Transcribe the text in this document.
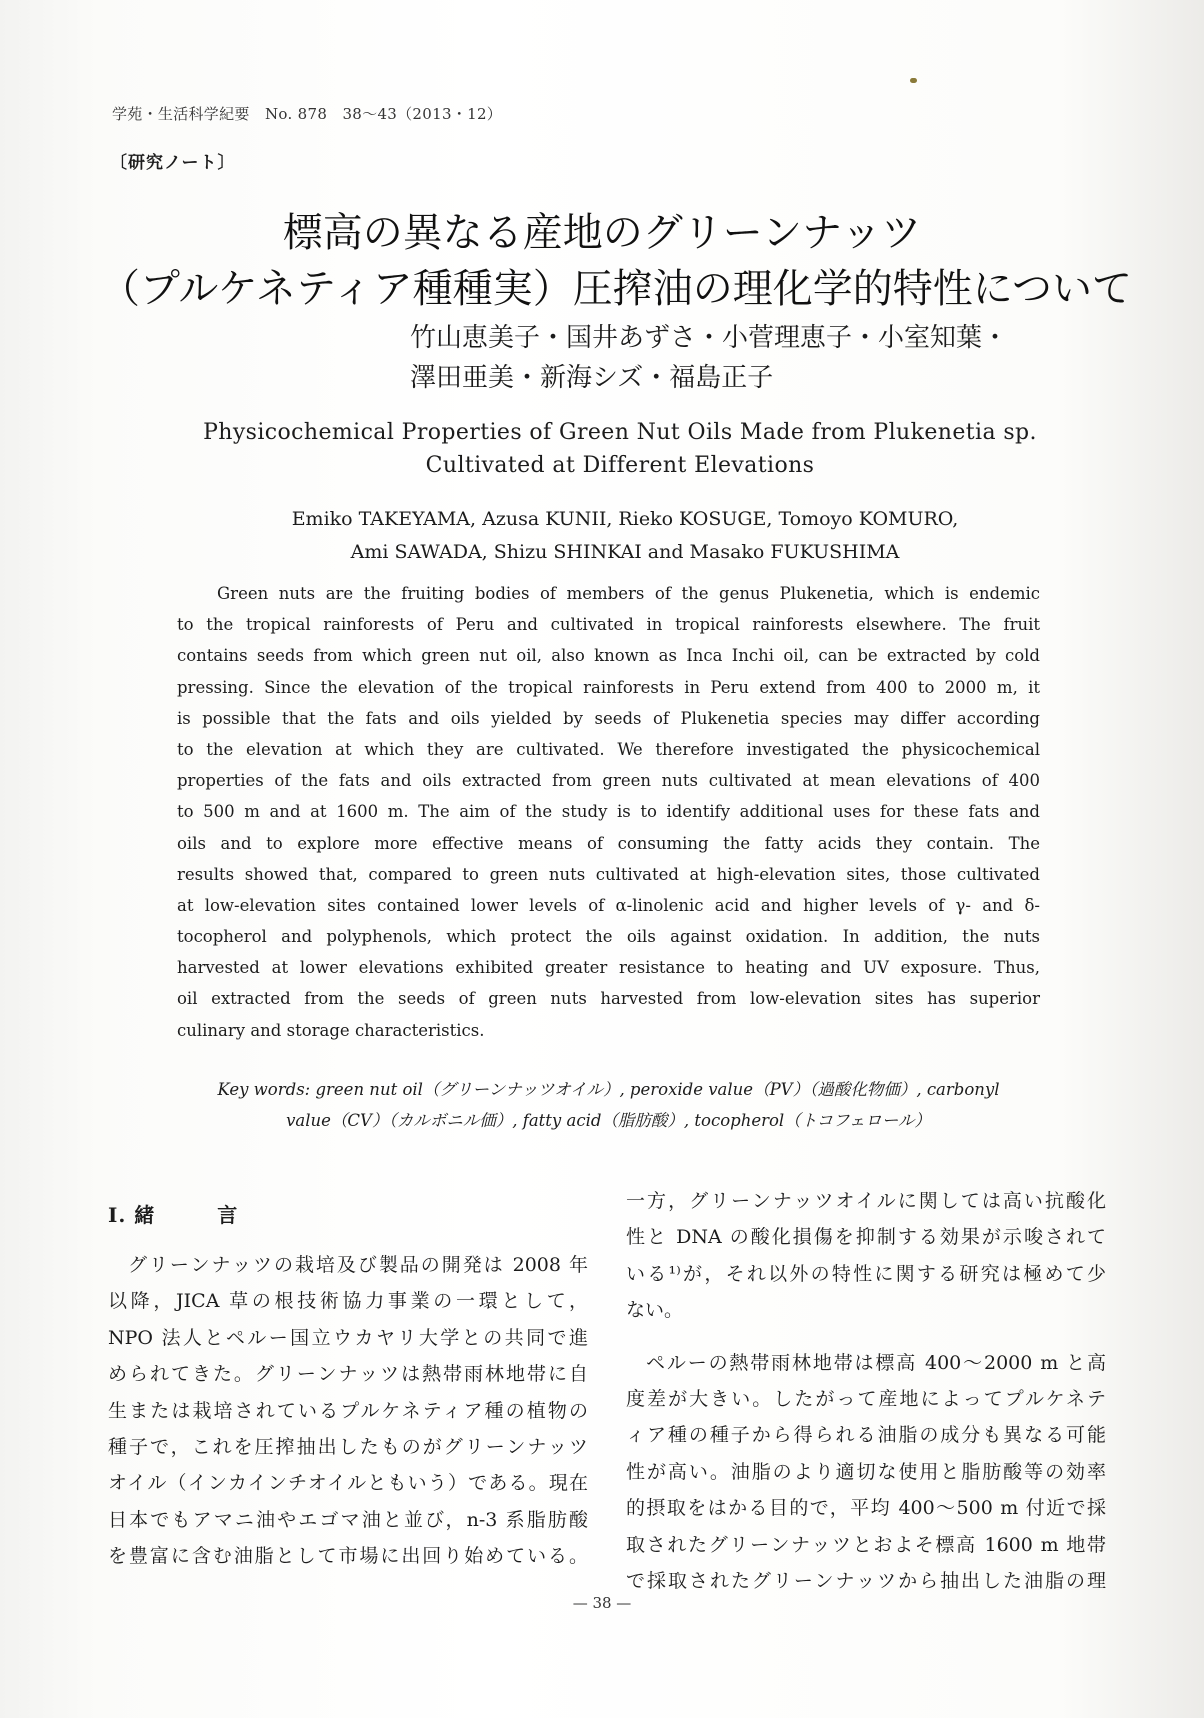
学苑・生活科学紀要　No. 878　38〜43（2013・12）

〔研究ノート〕

標高の異なる産地のグリーンナッツ
（プルケネティア種種実）圧搾油の理化学的特性について
竹山恵美子・国井あずさ・小菅理恵子・小室知葉・
澤田亜美・新海シズ・福島正子
Physicochemical Properties of Green Nut Oils Made from Plukenetia sp.
Cultivated at Different Elevations
Emiko TAKEYAMA, Azusa KUNII, Rieko KOSUGE, Tomoyo KOMURO,
Ami SAWADA, Shizu SHINKAI and Masako FUKUSHIMA
Green nuts are the fruiting bodies of members of the genus Plukenetia, which is endemic
to the tropical rainforests of Peru and cultivated in tropical rainforests elsewhere. The fruit
contains seeds from which green nut oil, also known as Inca Inchi oil, can be extracted by cold
pressing. Since the elevation of the tropical rainforests in Peru extend from 400 to 2000 m, it
is possible that the fats and oils yielded by seeds of Plukenetia species may differ according
to the elevation at which they are cultivated. We therefore investigated the physicochemical
properties of the fats and oils extracted from green nuts cultivated at mean elevations of 400
to 500 m and at 1600 m. The aim of the study is to identify additional uses for these fats and
oils and to explore more effective means of consuming the fatty acids they contain. The
results showed that, compared to green nuts cultivated at high-elevation sites, those cultivated
at low-elevation sites contained lower levels of α-linolenic acid and higher levels of γ- and δ-
tocopherol and polyphenols, which protect the oils against oxidation. In addition, the nuts
harvested at lower elevations exhibited greater resistance to heating and UV exposure. Thus,
oil extracted from the seeds of green nuts harvested from low-elevation sites has superior
culinary and storage characteristics.
Key words: green nut oil（グリーンナッツオイル）, peroxide value（PV）（過酸化物価）, carbonyl
value（CV）（カルボニル価）, fatty acid（脂肪酸）, tocopherol（トコフェロール）
I. 緒	言
グリーンナッツの栽培及び製品の開発は 2008 年
以降，JICA 草の根技術協力事業の一環として，
NPO 法人とペルー国立ウカヤリ大学との共同で進
められてきた。グリーンナッツは熱帯雨林地帯に自
生または栽培されているプルケネティア種の植物の
種子で，これを圧搾抽出したものがグリーンナッツ
オイル（インカインチオイルともいう）である。現在
日本でもアマニ油やエゴマ油と並び，n-3 系脂肪酸
を豊富に含む油脂として市場に出回り始めている。
一方，グリーンナッツオイルに関しては高い抗酸化
性と DNA の酸化損傷を抑制する効果が示唆されて
いる¹⁾が，それ以外の特性に関する研究は極めて少
ない。
ペルーの熱帯雨林地帯は標高 400〜2000 m と高
度差が大きい。したがって産地によってプルケネテ
ィア種の種子から得られる油脂の成分も異なる可能
性が高い。油脂のより適切な使用と脂肪酸等の効率
的摂取をはかる目的で，平均 400〜500 m 付近で採
取されたグリーンナッツとおよそ標高 1600 m 地帯
で採取されたグリーンナッツから抽出した油脂の理

— 38 —
